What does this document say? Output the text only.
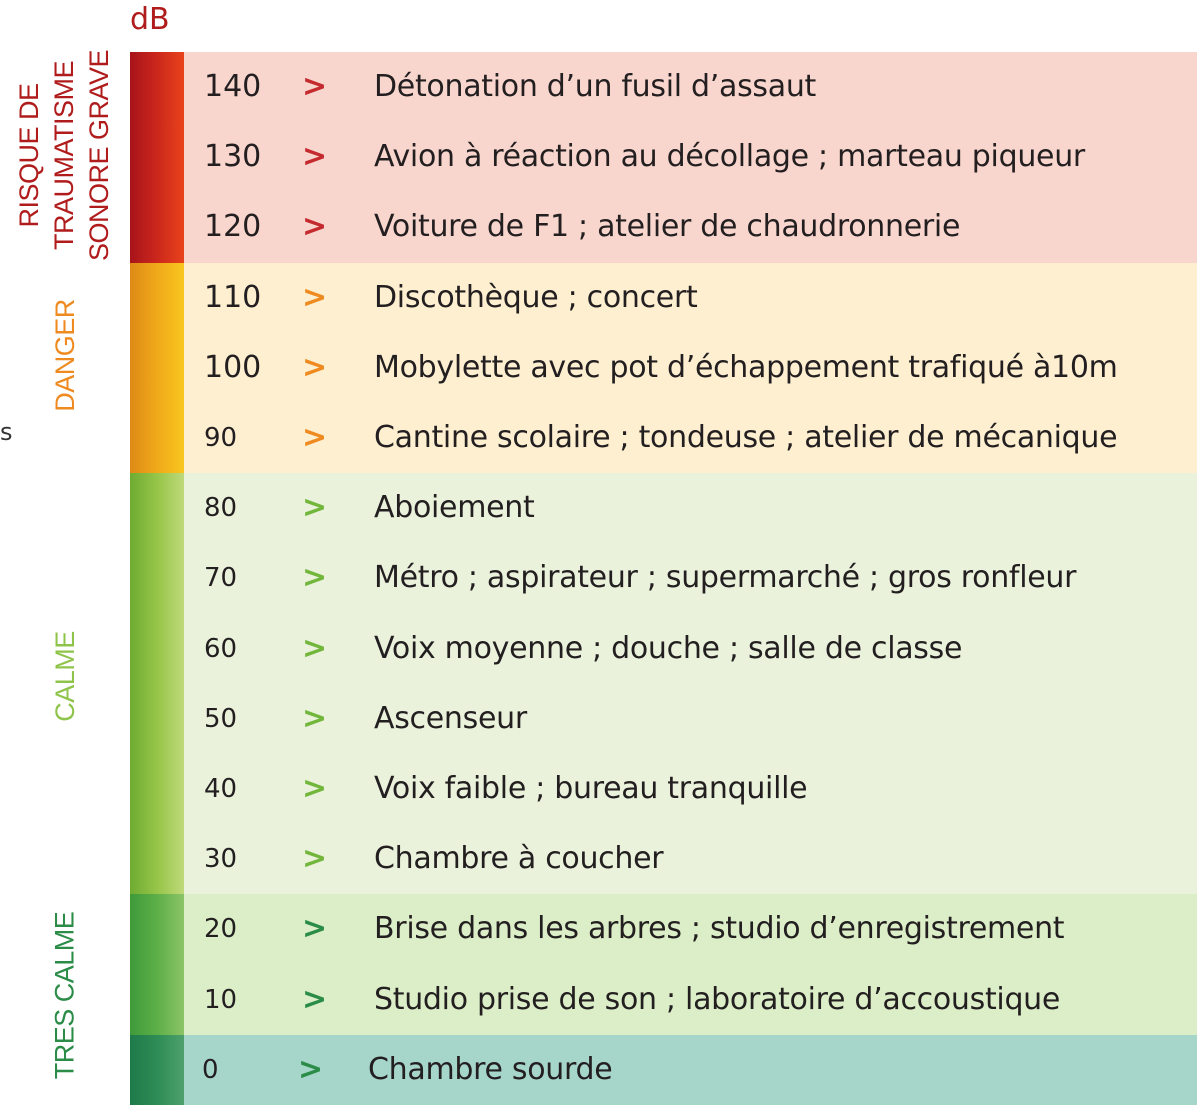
dB
s
RISQUE DE TRAUMATISME SONORE GRAVE
DANGER
CALME
TRES CALME
140 > Détonation d’un fusil d’assaut
130 > Avion à réaction au décollage ; marteau piqueur
120 > Voiture de F1 ; atelier de chaudronnerie
110 > Discothèque ; concert
100 > Mobylette avec pot d’échappement trafiqué à10m
90 > Cantine scolaire ; tondeuse ; atelier de mécanique
80 > Aboiement
70 > Métro ; aspirateur ; supermarché ; gros ronfleur
60 > Voix moyenne ; douche ; salle de classe
50 > Ascenseur
40 > Voix faible ; bureau tranquille
30 > Chambre à coucher
20 > Brise dans les arbres ; studio d’enregistrement
10 > Studio prise de son ; laboratoire d’accoustique
0	> Chambre sourde
